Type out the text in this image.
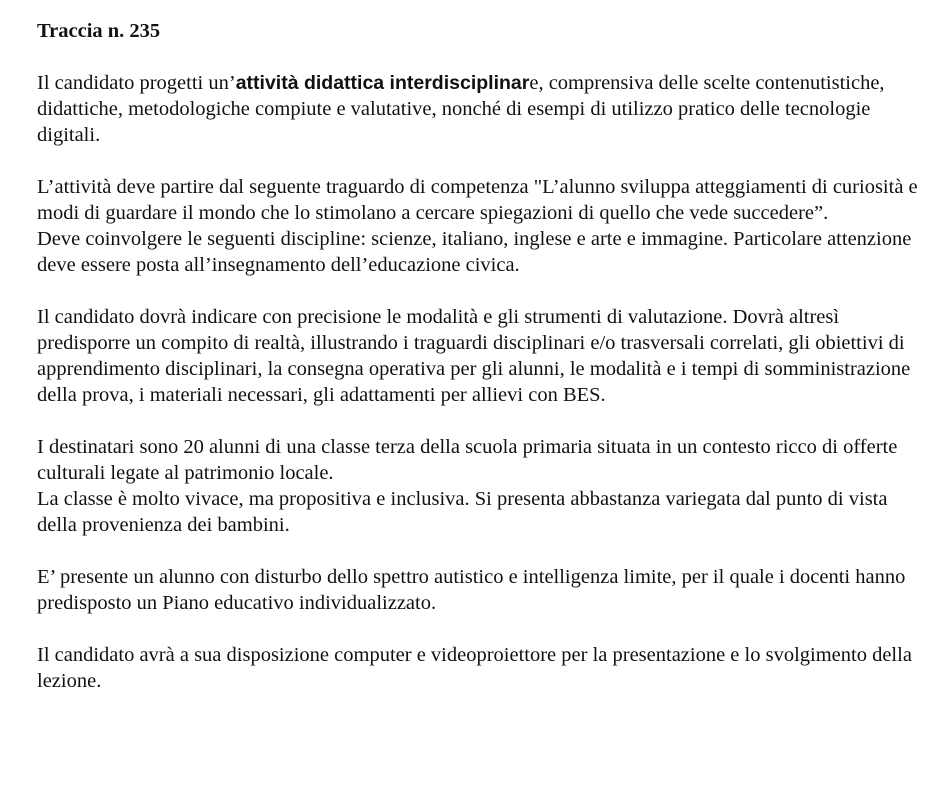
Traccia n. 235

Il candidato progetti un’attività didattica interdisciplinare, comprensiva delle scelte contenutistiche, didattiche, metodologiche compiute e valutative, nonché di esempi di utilizzo pratico delle tecnologie digitali.

L’attività deve partire dal seguente traguardo di competenza "L’alunno sviluppa atteggiamenti di curiosità e modi di guardare il mondo che lo stimolano a cercare spiegazioni di quello che vede succedere”.

Deve coinvolgere le seguenti discipline: scienze, italiano, inglese e arte e immagine. Particolare attenzione deve essere posta all’insegnamento dell’educazione civica.

Il candidato dovrà indicare con precisione le modalità e gli strumenti di valutazione. Dovrà altresì predisporre un compito di realtà, illustrando i traguardi disciplinari e/o trasversali correlati, gli obiettivi di apprendimento disciplinari, la consegna operativa per gli alunni, le modalità e i tempi di somministrazione della prova, i materiali necessari, gli adattamenti per allievi con BES.

I destinatari sono 20 alunni di una classe terza della scuola primaria situata in un contesto ricco di offerte culturali legate al patrimonio locale.

La classe è molto vivace, ma propositiva e inclusiva. Si presenta abbastanza variegata dal punto di vista della provenienza dei bambini.

E’ presente un alunno con disturbo dello spettro autistico e intelligenza limite, per il quale i docenti hanno predisposto un Piano educativo individualizzato.

Il candidato avrà a sua disposizione computer e videoproiettore per la presentazione e lo svolgimento della lezione.
